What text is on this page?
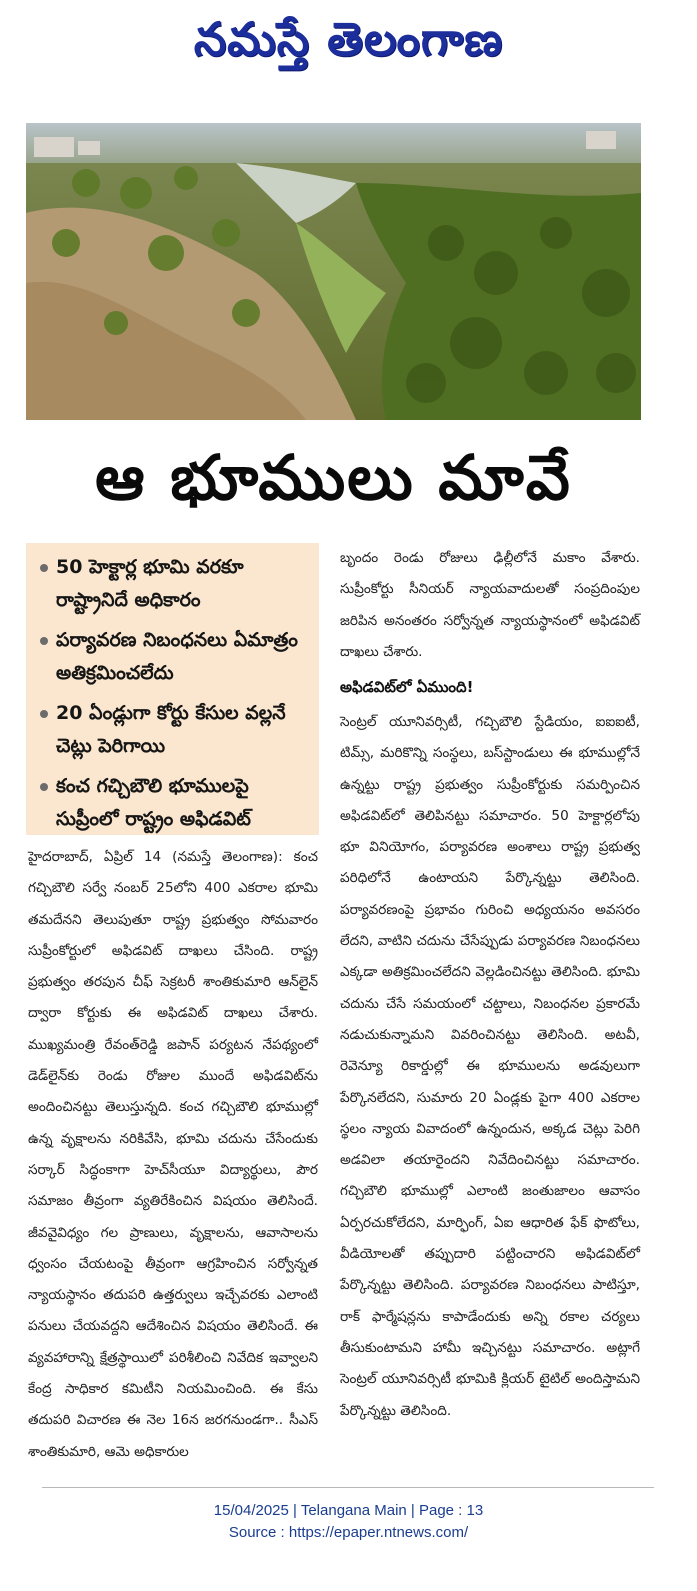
నమస్తే తెలంగాణ
ఆ భూములు మావే
50 హెక్టార్ల భూమి వరకూ రాష్ట్రానిదే అధికారం
పర్యావరణ నిబంధనలు ఏమాత్రం అతిక్రమించలేదు
20 ఏండ్లుగా కోర్టు కేసుల వల్లనే చెట్లు పెరిగాయి
కంచ గచ్చిబౌలి భూములపై సుప్రీంలో రాష్ట్రం అఫిడవిట్

హైదరాబాద్, ఏప్రిల్ 14 (నమస్తే తెలంగాణ): కంచ గచ్చిబౌలి సర్వే నంబర్ 25లోని 400 ఎకరాల భూమి తమదేనని తెలుపుతూ రాష్ట్ర ప్రభుత్వం సోమవారం సుప్రీంకోర్టులో అఫిడవిట్ దాఖలు చేసింది. రాష్ట్ర ప్రభుత్వం తరపున చీఫ్ సెక్రటరీ శాంతికుమారి ఆన్‌లైన్ ద్వారా కోర్టుకు ఈ అఫిడవిట్ దాఖలు చేశారు. ముఖ్యమంత్రి రేవంత్‌రెడ్డి జపాన్ పర్యటన నేపథ్యంలో డెడ్‌లైన్‌కు రెండు రోజుల ముందే అఫిడవిట్‌ను అందించినట్టు తెలుస్తున్నది. కంచ గచ్చిబౌలి భూముల్లో ఉన్న వృక్షాలను నరికివేసి, భూమి చదును చేసేందుకు సర్కార్ సిద్ధంకాగా హెచ్‌సీయూ విద్యార్థులు, పౌర సమాజం తీవ్రంగా వ్యతిరేకించిన విషయం తెలిసిందే. జీవవైవిధ్యం గల ప్రాణులు, వృక్షాలను, ఆవాసాలను ధ్వంసం చేయటంపై తీవ్రంగా ఆగ్రహించిన సర్వోన్నత న్యాయస్థానం తదుపరి ఉత్తర్వులు ఇచ్చేవరకు ఎలాంటి పనులు చేయవద్దని ఆదేశించిన విషయం తెలిసిందే. ఈ వ్యవహారాన్ని క్షేత్రస్థాయిలో పరిశీలించి నివేదిక ఇవ్వాలని కేంద్ర సాధికార కమిటీని నియమించింది. ఈ కేసు తదుపరి విచారణ ఈ నెల 16న జరగనుండగా.. సీఎస్ శాంతికుమారి, ఆమె అధికారుల

బృందం రెండు రోజులు ఢిల్లీలోనే మకాం వేశారు. సుప్రీంకోర్టు సీనియర్ న్యాయవాదులతో సంప్రదింపుల జరిపిన అనంతరం సర్వోన్నత న్యాయస్థానంలో అఫిడవిట్ దాఖలు చేశారు.

అఫిడవిట్‌లో ఏముంది!

సెంట్రల్ యూనివర్సిటీ, గచ్చిబౌలి స్టేడియం, ఐఐఐటీ, టిమ్స్, మరికొన్ని సంస్థలు, బస్‌స్టాండులు ఈ భూముల్లోనే ఉన్నట్టు రాష్ట్ర ప్రభుత్వం సుప్రీంకోర్టుకు సమర్పించిన అఫిడవిట్‌లో తెలిపినట్టు సమాచారం. 50 హెక్టార్లలోపు భూ వినియోగం, పర్యావరణ అంశాలు రాష్ట్ర ప్రభుత్వ పరిధిలోనే ఉంటాయని పేర్కొన్నట్టు తెలిసింది. పర్యావరణంపై ప్రభావం గురించి అధ్యయనం అవసరం లేదని, వాటిని చదును చేసేప్పుడు పర్యావరణ నిబంధనలు ఎక్కడా అతిక్రమించలేదని వెల్లడించినట్టు తెలిసింది. భూమి చదును చేసే సమయంలో చట్టాలు, నిబంధనల ప్రకారమే నడుచుకున్నామని వివరించినట్టు తెలిసింది. అటవీ, రెవెన్యూ రికార్డుల్లో ఈ భూములను అడవులుగా పేర్కొనలేదని, సుమారు 20 ఏండ్లకు పైగా 400 ఎకరాల స్థలం న్యాయ వివాదంలో ఉన్నందున, అక్కడ చెట్లు పెరిగి అడవిలా తయారైందని నివేదించినట్టు సమాచారం. గచ్చిబౌలి భూముల్లో ఎలాంటి జంతుజాలం ఆవాసం ఏర్పరచుకోలేదని, మార్ఫింగ్, ఏఐ ఆధారిత ఫేక్ ఫొటోలు, వీడియోలతో తప్పుదారి పట్టించారని అఫిడవిట్‌లో పేర్కొన్నట్టు తెలిసింది. పర్యావరణ నిబంధనలు పాటిస్తూ, రాక్ ఫార్మేషన్లను కాపాడేందుకు అన్ని రకాల చర్యలు తీసుకుంటామని హామీ ఇచ్చినట్టు సమాచారం. అట్లాగే సెంట్రల్ యూనివర్సిటీ భూమికి క్లియర్ టైటిల్ అందిస్తామని పేర్కొన్నట్టు తెలిసింది.

15/04/2025 | Telangana Main | Page : 13
Source : https://epaper.ntnews.com/
